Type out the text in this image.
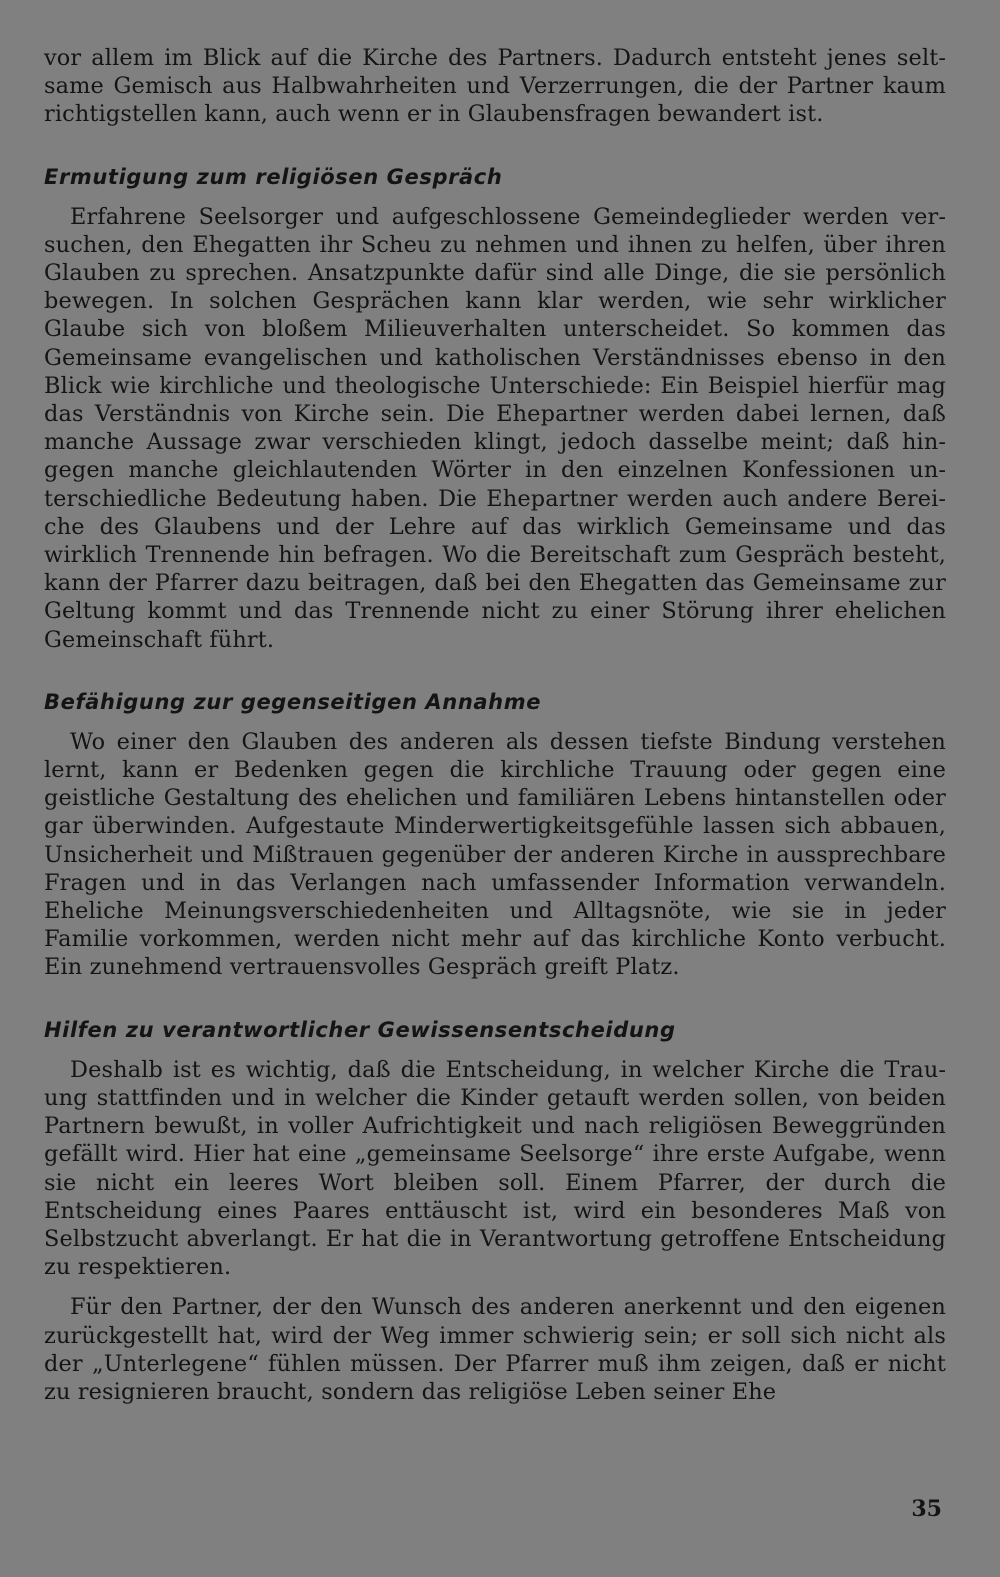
vor allem im Blick auf die Kirche des Partners. Dadurch entsteht jenes seltsame Gemisch aus Halbwahrheiten und Verzerrungen, die der Partner kaum richtigstellen kann, auch wenn er in Glaubensfragen bewandert ist.

Ermutigung zum religiösen Gespräch

Erfahrene Seelsorger und aufgeschlossene Gemeindeglieder werden versuchen, den Ehegatten ihr Scheu zu nehmen und ihnen zu helfen, über ihren Glauben zu sprechen. Ansatzpunkte dafür sind alle Dinge, die sie persönlich bewegen. In solchen Gesprächen kann klar werden, wie sehr wirklicher Glaube sich von bloßem Milieuverhalten unterscheidet. So kommen das Gemeinsame evangelischen und katholischen Verständnisses ebenso in den Blick wie kirchliche und theologische Unterschiede: Ein Beispiel hierfür mag das Verständnis von Kirche sein. Die Ehepartner werden dabei lernen, daß manche Aussage zwar verschieden klingt, jedoch dasselbe meint; daß hingegen manche gleichlautenden Wörter in den einzelnen Konfessionen unterschiedliche Bedeutung haben. Die Ehepartner werden auch andere Bereiche des Glaubens und der Lehre auf das wirklich Gemeinsame und das wirklich Trennende hin befragen. Wo die Bereitschaft zum Gespräch besteht, kann der Pfarrer dazu beitragen, daß bei den Ehegatten das Gemeinsame zur Geltung kommt und das Trennende nicht zu einer Störung ihrer ehelichen Gemeinschaft führt.

Befähigung zur gegenseitigen Annahme

Wo einer den Glauben des anderen als dessen tiefste Bindung verstehen lernt, kann er Bedenken gegen die kirchliche Trauung oder gegen eine geistliche Gestaltung des ehelichen und familiären Lebens hintanstellen oder gar überwinden. Aufgestaute Minderwertigkeitsgefühle lassen sich abbauen, Unsicherheit und Mißtrauen gegenüber der anderen Kirche in aussprechbare Fragen und in das Verlangen nach umfassender Information verwandeln. Eheliche Meinungsverschiedenheiten und Alltagsnöte, wie sie in jeder Familie vorkommen, werden nicht mehr auf das kirchliche Konto verbucht. Ein zunehmend vertrauensvolles Gespräch greift Platz.

Hilfen zu verantwortlicher Gewissensentscheidung

Deshalb ist es wichtig, daß die Entscheidung, in welcher Kirche die Trauung stattfinden und in welcher die Kinder getauft werden sollen, von beiden Partnern bewußt, in voller Aufrichtigkeit und nach religiösen Beweggründen gefällt wird. Hier hat eine „gemeinsame Seelsorge“ ihre erste Aufgabe, wenn sie nicht ein leeres Wort bleiben soll. Einem Pfarrer, der durch die Entscheidung eines Paares enttäuscht ist, wird ein besonderes Maß von Selbstzucht abverlangt. Er hat die in Verantwortung getroffene Entscheidung zu respektieren.

Für den Partner, der den Wunsch des anderen anerkennt und den eigenen zurückgestellt hat, wird der Weg immer schwierig sein; er soll sich nicht als der „Unterlegene“ fühlen müssen. Der Pfarrer muß ihm zeigen, daß er nicht zu resignieren braucht, sondern das religiöse Leben seiner Ehe

35
